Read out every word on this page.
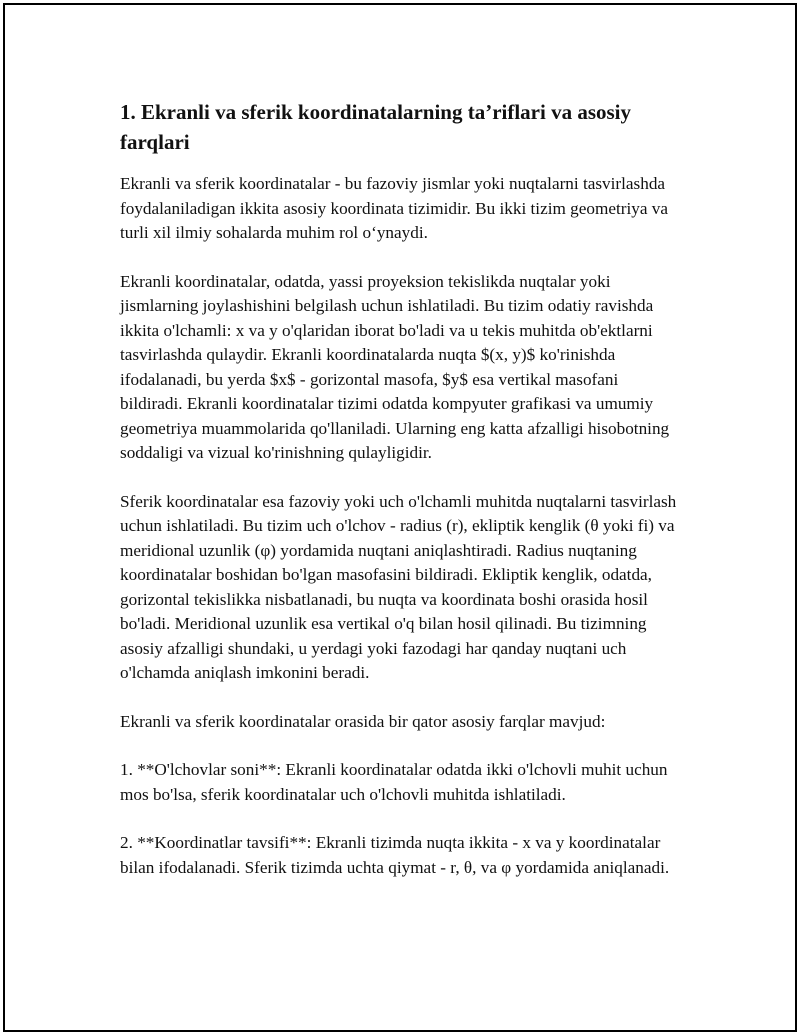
1. Ekranli va sferik koordinatalarning ta’riflari va asosiy farqlari

Ekranli va sferik koordinatalar - bu fazoviy jismlar yoki nuqtalarni tasvirlashda foydalaniladigan ikkita asosiy koordinata tizimidir. Bu ikki tizim geometriya va turli xil ilmiy sohalarda muhim rol o‘ynaydi.

Ekranli koordinatalar, odatda, yassi proyeksion tekislikda nuqtalar yoki jismlarning joylashishini belgilash uchun ishlatiladi. Bu tizim odatiy ravishda ikkita o'lchamli: x va y o'qlaridan iborat bo'ladi va u tekis muhitda ob'ektlarni tasvirlashda qulaydir. Ekranli koordinatalarda nuqta $(x, y)$ ko'rinishda ifodalanadi, bu yerda $x$ - gorizontal masofa, $y$ esa vertikal masofani bildiradi. Ekranli koordinatalar tizimi odatda kompyuter grafikasi va umumiy geometriya muammolarida qo'llaniladi. Ularning eng katta afzalligi hisobotning soddaligi va vizual ko'rinishning qulayligidir.

Sferik koordinatalar esa fazoviy yoki uch o'lchamli muhitda nuqtalarni tasvirlash uchun ishlatiladi. Bu tizim uch o'lchov - radius (r), ekliptik kenglik (θ yoki fi) va meridional uzunlik (φ) yordamida nuqtani aniqlashtiradi. Radius nuqtaning koordinatalar boshidan bo'lgan masofasini bildiradi. Ekliptik kenglik, odatda, gorizontal tekislikka nisbatlanadi, bu nuqta va koordinata boshi orasida hosil bo'ladi. Meridional uzunlik esa vertikal o'q bilan hosil qilinadi. Bu tizimning asosiy afzalligi shundaki, u yerdagi yoki fazodagi har qanday nuqtani uch o'lchamda aniqlash imkonini beradi.

Ekranli va sferik koordinatalar orasida bir qator asosiy farqlar mavjud:

1. **O'lchovlar soni**: Ekranli koordinatalar odatda ikki o'lchovli muhit uchun mos bo'lsa, sferik koordinatalar uch o'lchovli muhitda ishlatiladi.

2. **Koordinatlar tavsifi**: Ekranli tizimda nuqta ikkita - x va y koordinatalar bilan ifodalanadi. Sferik tizimda uchta qiymat - r, θ, va φ yordamida aniqlanadi.
